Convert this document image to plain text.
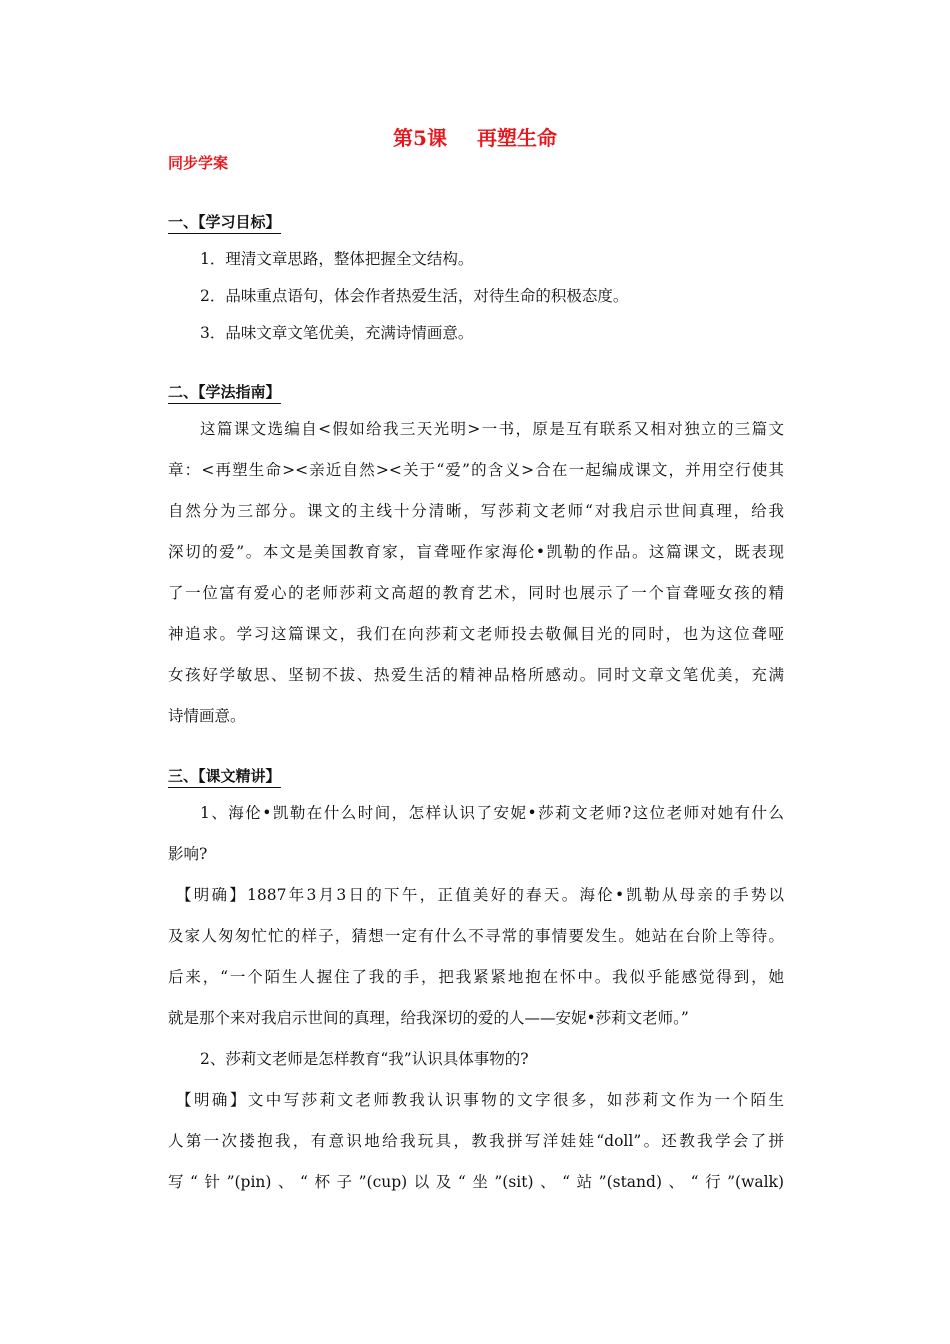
第5课 再塑生命

同步学案

一、【学习目标】

1．理清文章思路，整体把握全文结构。

2．品味重点语句，体会作者热爱生活，对待生命的积极态度。

3．品味文章文笔优美，充满诗情画意。

二、【学法指南】

这篇课文选编自<假如给我三天光明>一书，原是互有联系又相对独立的三篇文

章：<再塑生命><亲近自然><关于“爱”的含义>合在一起编成课文，并用空行使其

自然分为三部分。课文的主线十分清晰，写莎莉文老师“对我启示世间真理，给我

深切的爱”。本文是美国教育家，盲聋哑作家海伦•凯勒的作品。这篇课文，既表现

了一位富有爱心的老师莎莉文高超的教育艺术，同时也展示了一个盲聋哑女孩的精

神追求。学习这篇课文，我们在向莎莉文老师投去敬佩目光的同时，也为这位聋哑

女孩好学敏思、坚韧不拔、热爱生活的精神品格所感动。同时文章文笔优美，充满

诗情画意。

三、【课文精讲】

1、海伦•凯勒在什么时间，怎样认识了安妮•莎莉文老师?这位老师对她有什么

影响?

【明确】1887年3月3日的下午，正值美好的春天。海伦•凯勒从母亲的手势以

及家人匆匆忙忙的样子，猜想一定有什么不寻常的事情要发生。她站在台阶上等待。

后来，“一个陌生人握住了我的手，把我紧紧地抱在怀中。我似乎能感觉得到，她

就是那个来对我启示世间的真理，给我深切的爱的人——安妮•莎莉文老师。”

2、莎莉文老师是怎样教育“我”认识具体事物的?

【明确】文中写莎莉文老师教我认识事物的文字很多，如莎莉文作为一个陌生

人第一次搂抱我，有意识地给我玩具，教我拼写洋娃娃“doll”。还教我学会了拼

写“针”(pin)、“杯子”(cup)以及“坐”(sit)、“站”(stand)、“行”(walk)
